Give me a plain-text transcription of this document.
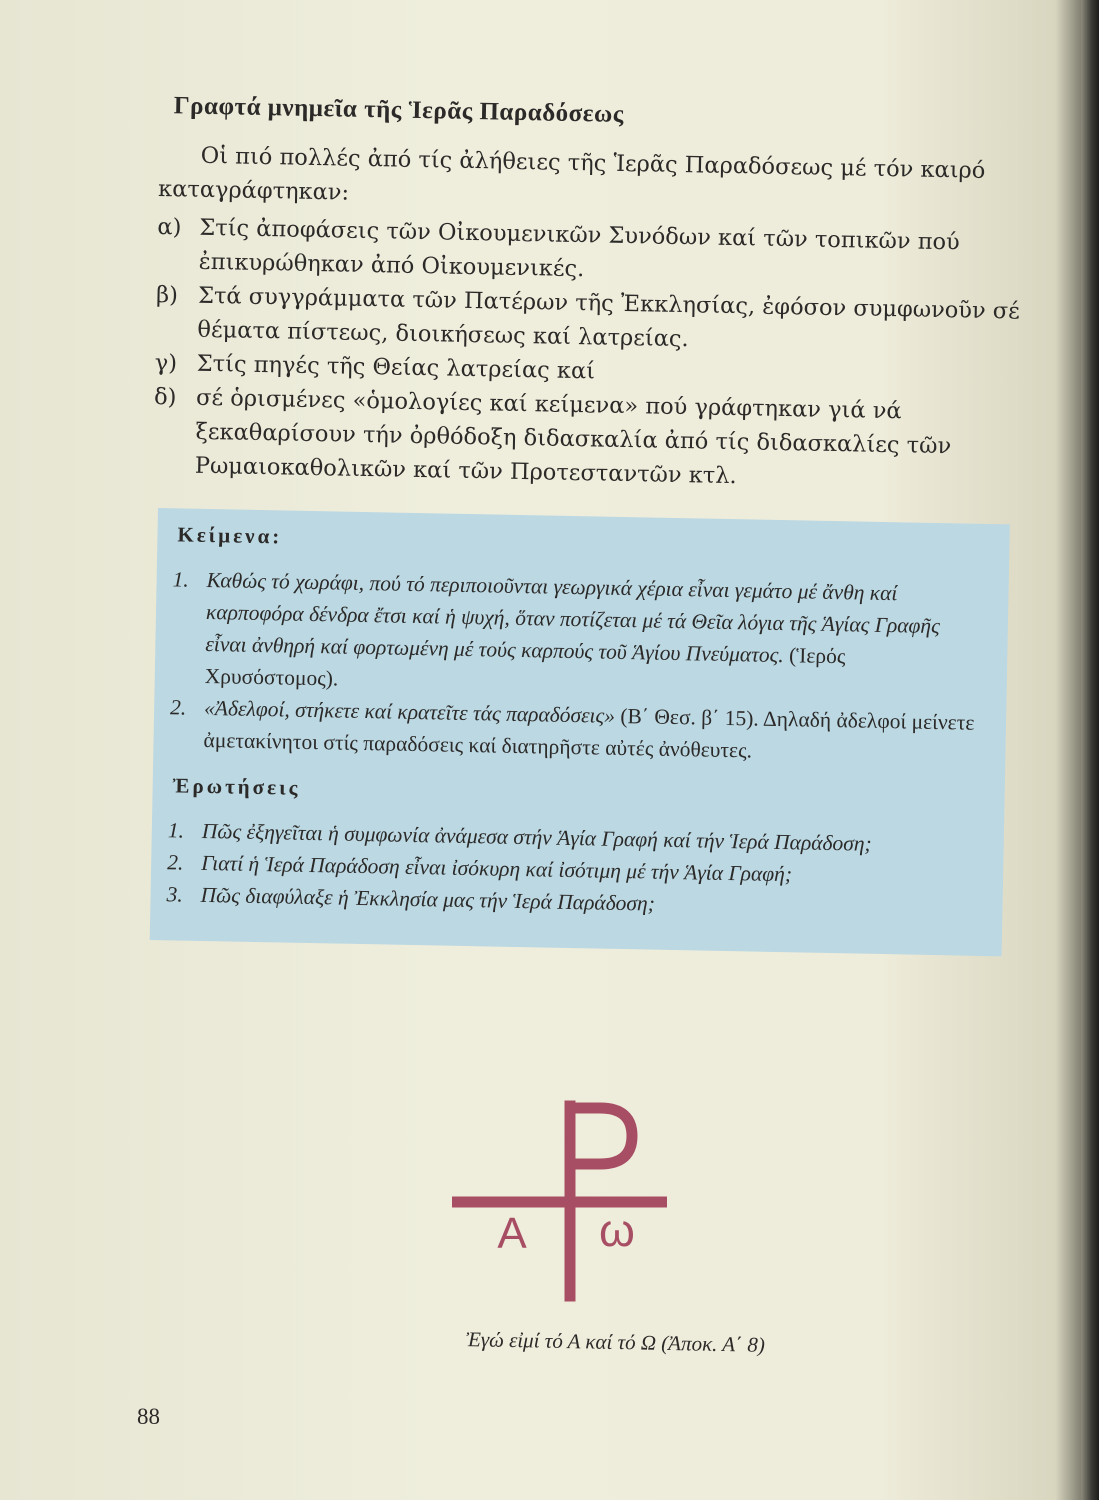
Γραφτά μνημεῖα τῆς Ἱερᾶς Παραδόσεως

Οἱ πιό πολλές ἀπό τίς ἀλήθειες τῆς Ἱερᾶς Παραδόσεως μέ τόν καιρό καταγράφτηκαν:

α) Στίς ἀποφάσεις τῶν Οἰκουμενικῶν Συνόδων καί τῶν τοπικῶν πού ἐπικυρώθηκαν ἀπό Οἰκουμενικές.
β) Στά συγγράμματα τῶν Πατέρων τῆς Ἐκκλησίας, ἐφόσον συμφωνοῦν σέ θέματα πίστεως, διοικήσεως καί λατρείας.
γ) Στίς πηγές τῆς Θείας λατρείας καί
δ) σέ ὁρισμένες «ὁμολογίες καί κείμενα» πού γράφτηκαν γιά νά ξεκαθαρίσουν τήν ὀρθόδοξη διδασκαλία ἀπό τίς διδασκαλίες τῶν Ρωμαιοκαθολικῶν καί τῶν Προτεσταντῶν κτλ.
Κείμενα:
1. Καθώς τό χωράφι, πού τό περιποιοῦνται γεωργικά χέρια εἶναι γεμάτο μέ ἄνθη καί καρποφόρα δένδρα ἔτσι καί ἡ ψυχή, ὅταν ποτίζεται μέ τά Θεῖα λόγια τῆς Ἁγίας Γραφῆς εἶναι ἀνθηρή καί φορτωμένη μέ τούς καρπούς τοῦ Ἁγίου Πνεύματος. (Ἱερός Χρυσόστομος).
2. «Ἀδελφοί, στήκετε καί κρατεῖτε τάς παραδόσεις» (Β΄ Θεσ. β΄ 15). Δηλαδή ἀδελφοί μείνετε ἀμετακίνητοι στίς παραδόσεις καί διατηρῆστε αὐτές ἀνόθευτες.
Ἐρωτήσεις
1. Πῶς ἐξηγεῖται ἡ συμφωνία ἀνάμεσα στήν Ἁγία Γραφή καί τήν Ἱερά Παράδοση;
2. Γιατί ἡ Ἱερά Παράδοση εἶναι ἰσόκυρη καί ἰσότιμη μέ τήν Ἁγία Γραφή;
3. Πῶς διαφύλαξε ἡ Ἐκκλησία μας τήν Ἱερά Παράδοση;
Α ω
Ἐγώ εἰμί τό Α καί τό Ω (Ἀποκ. Α΄ 8)
88
